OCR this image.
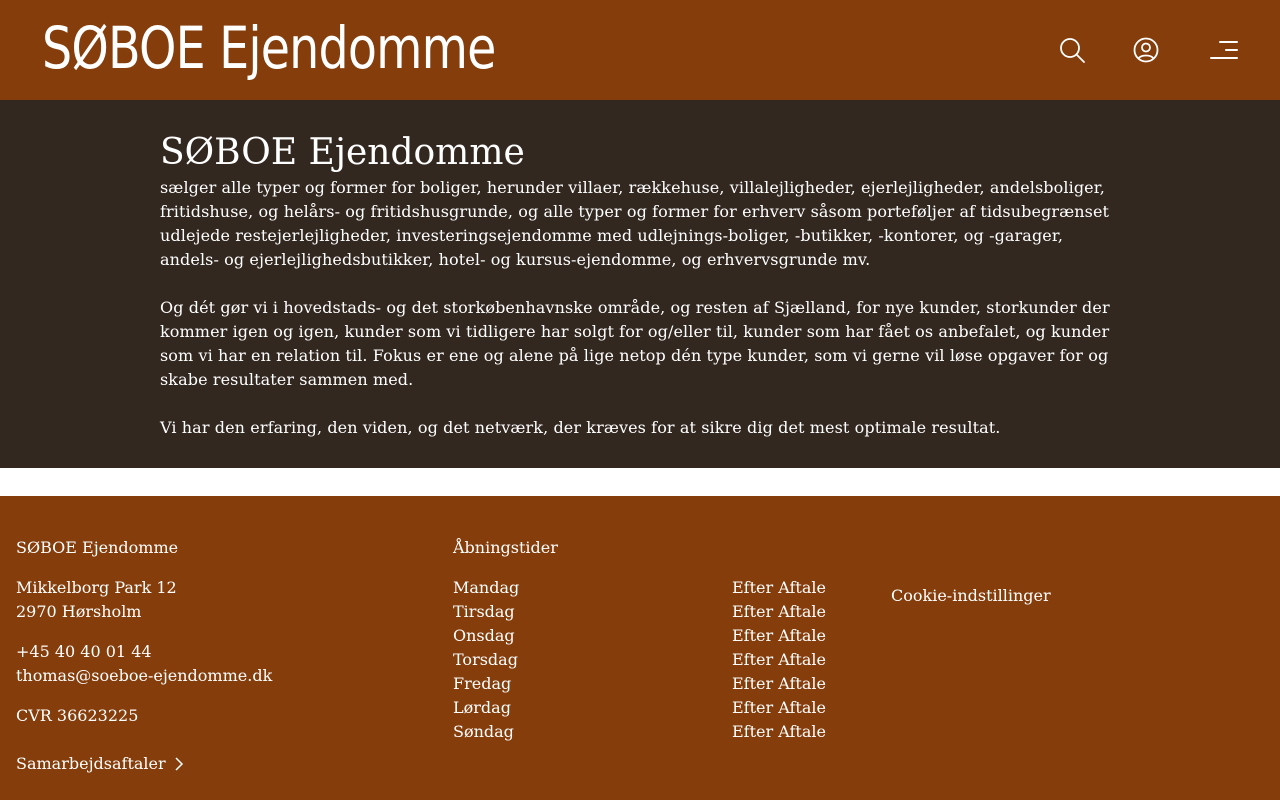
SØBOE Ejendomme
SØBOE Ejendomme

sælger alle typer og former for boliger, herunder villaer, rækkehuse, villalejligheder, ejerlejligheder, andelsboliger, fritidshuse, og helårs- og fritidshusgrunde, og alle typer og former for erhverv såsom porteføljer af tidsubegrænset udlejede restejerlejligheder, investeringsejendomme med udlejnings-boliger, -butikker, -kontorer, og -garager, andels- og ejerlejlighedsbutikker, hotel- og kursus-ejendomme, og erhvervsgrunde mv.

Og dét gør vi i hovedstads- og det storkøbenhavnske område, og resten af Sjælland, for nye kunder, storkunder der kommer igen og igen, kunder som vi tidligere har solgt for og/eller til, kunder som har fået os anbefalet, og kunder som vi har en relation til. Fokus er ene og alene på lige netop dén type kunder, som vi gerne vil løse opgaver for og skabe resultater sammen med.

Vi har den erfaring, den viden, og det netværk, der kræves for at sikre dig det mest optimale resultat.

SØBOE Ejendomme
Mikkelborg Park 12
2970 Hørsholm
+45 40 40 01 44
thomas@soeboe-ejendomme.dk
CVR 36623225
Samarbejdsaftaler
Åbningstider
Mandag	Efter Aftale
Tirsdag	Efter Aftale
Onsdag	Efter Aftale
Torsdag	Efter Aftale
Fredag	Efter Aftale
Lørdag	Efter Aftale
Søndag	Efter Aftale
Cookie-indstillinger
